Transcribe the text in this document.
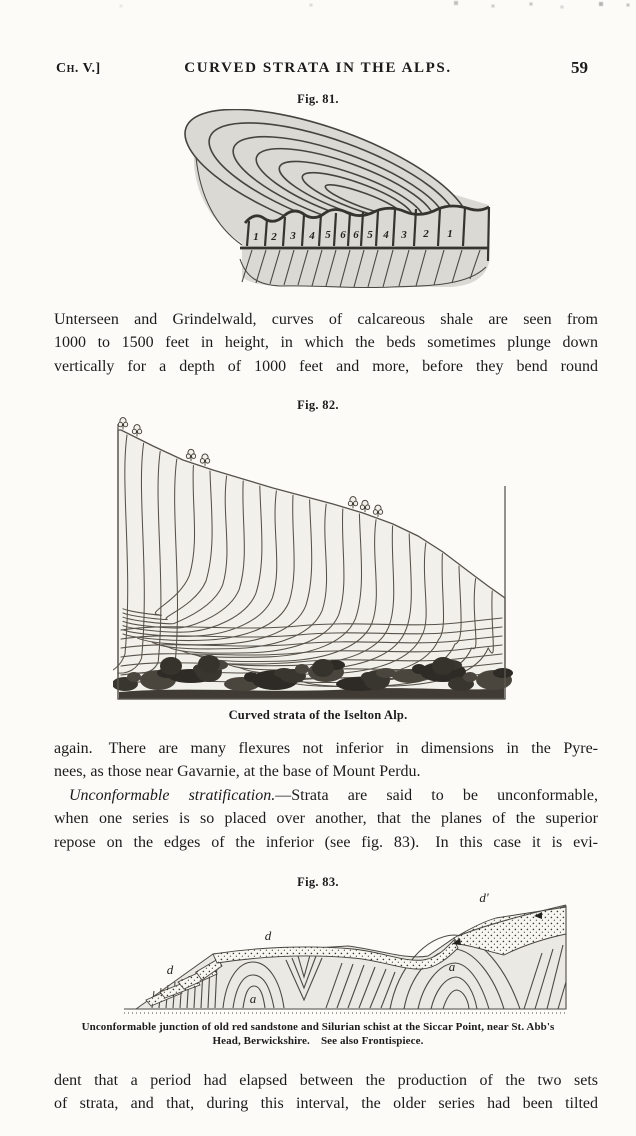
Ch. V.]	CURVED STRATA IN THE ALPS.	59
Fig. 81.
1 2 3 4 5 6 6 5 4 3 2 1
Unterseen and Grindelwald, curves of calcareous shale are seen from
1000 to 1500 feet in height, in which the beds sometimes plunge down
vertically for a depth of 1000 feet and more, before they bend round
Fig. 82.
Curved strata of the Iselton Alp.
again. There are many flexures not inferior in dimensions in the Pyre-
nees, as those near Gavarnie, at the base of Mount Perdu.
Unconformable stratification.—Strata are said to be unconformable,
when one series is so placed over another, that the planes of the superior
repose on the edges of the inferior (see fig. 83). In this case it is evi-
Fig. 83.
d
d
a
a
d'
Unconformable junction of old red sandstone and Silurian schist at the Siccar Point, near St. Abb's
Head, Berwickshire. See also Frontispiece.
dent that a period had elapsed between the production of the two sets
of strata, and that, during this interval, the older series had been tilted
